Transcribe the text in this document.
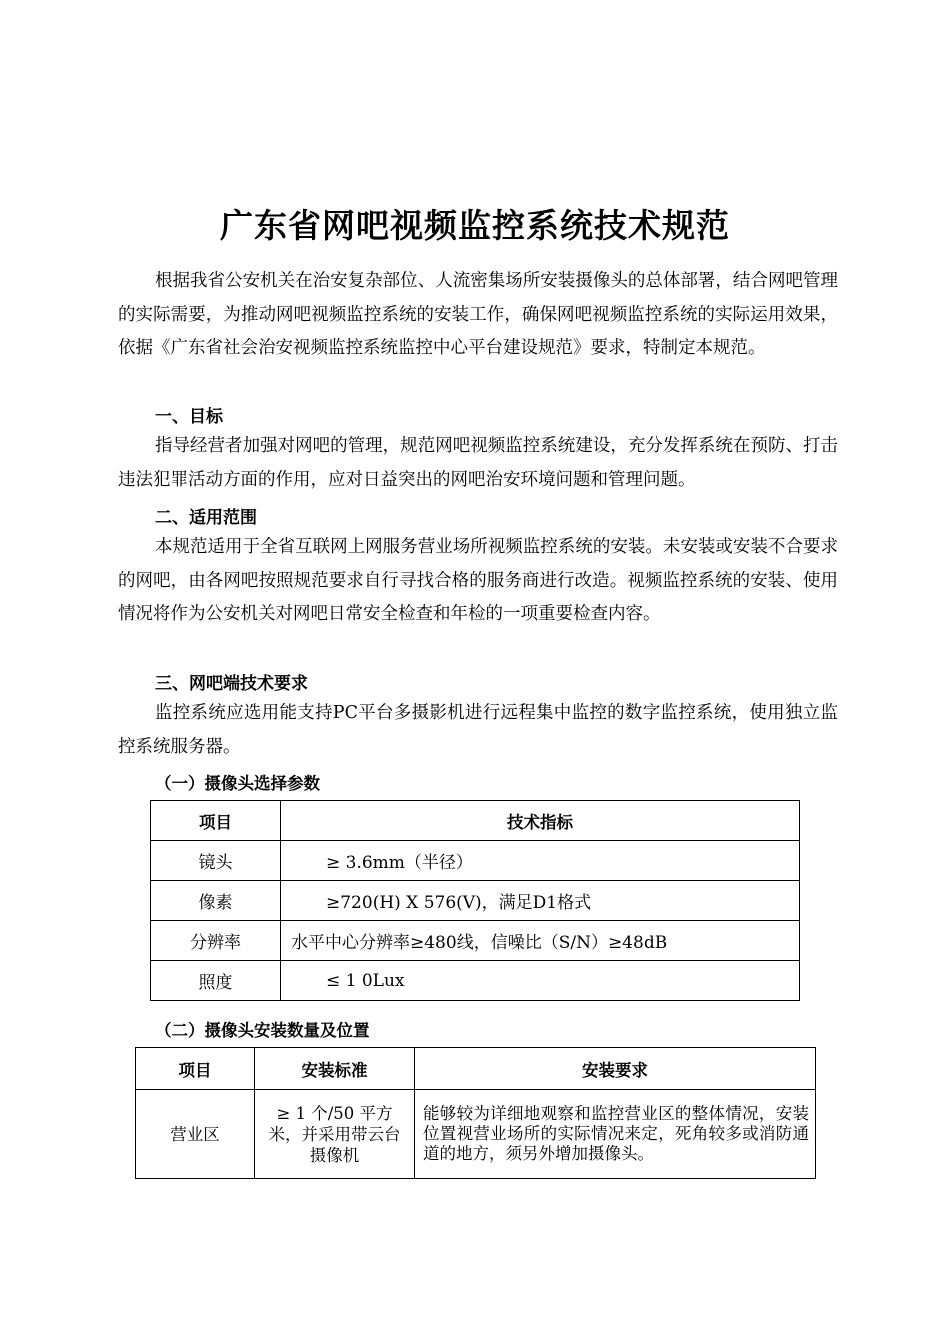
广东省网吧视频监控系统技术规范

根据我省公安机关在治安复杂部位、人流密集场所安装摄像头的总体部署，结合网吧管理的实际需要，为推动网吧视频监控系统的安装工作，确保网吧视频监控系统的实际运用效果，依据《广东省社会治安视频监控系统监控中心平台建设规范》要求，特制定本规范。

一、目标

指导经营者加强对网吧的管理，规范网吧视频监控系统建设，充分发挥系统在预防、打击违法犯罪活动方面的作用，应对日益突出的网吧治安环境问题和管理问题。

二、适用范围

本规范适用于全省互联网上网服务营业场所视频监控系统的安装。未安装或安装不合要求的网吧，由各网吧按照规范要求自行寻找合格的服务商进行改造。视频监控系统的安装、使用情况将作为公安机关对网吧日常安全检查和年检的一项重要检查内容。

三、网吧端技术要求

监控系统应选用能支持PC平台多摄影机进行远程集中监控的数字监控系统，使用独立监控系统服务器。

（一）摄像头选择参数

项目	技术指标
镜头	≥ 3.6mm（半径）
像素	≥720(H) X 576(V)，满足D1格式
分辨率	水平中心分辨率≥480线，信噪比（S/N）≥48dB
照度	≤ 1 0Lux

（二）摄像头安装数量及位置

项目	安装标准	安装要求
营业区	≥ 1 个/50 平方米，并采用带云台摄像机	能够较为详细地观察和监控营业区的整体情况，安装位置视营业场所的实际情况来定，死角较多或消防通道的地方，须另外增加摄像头。
